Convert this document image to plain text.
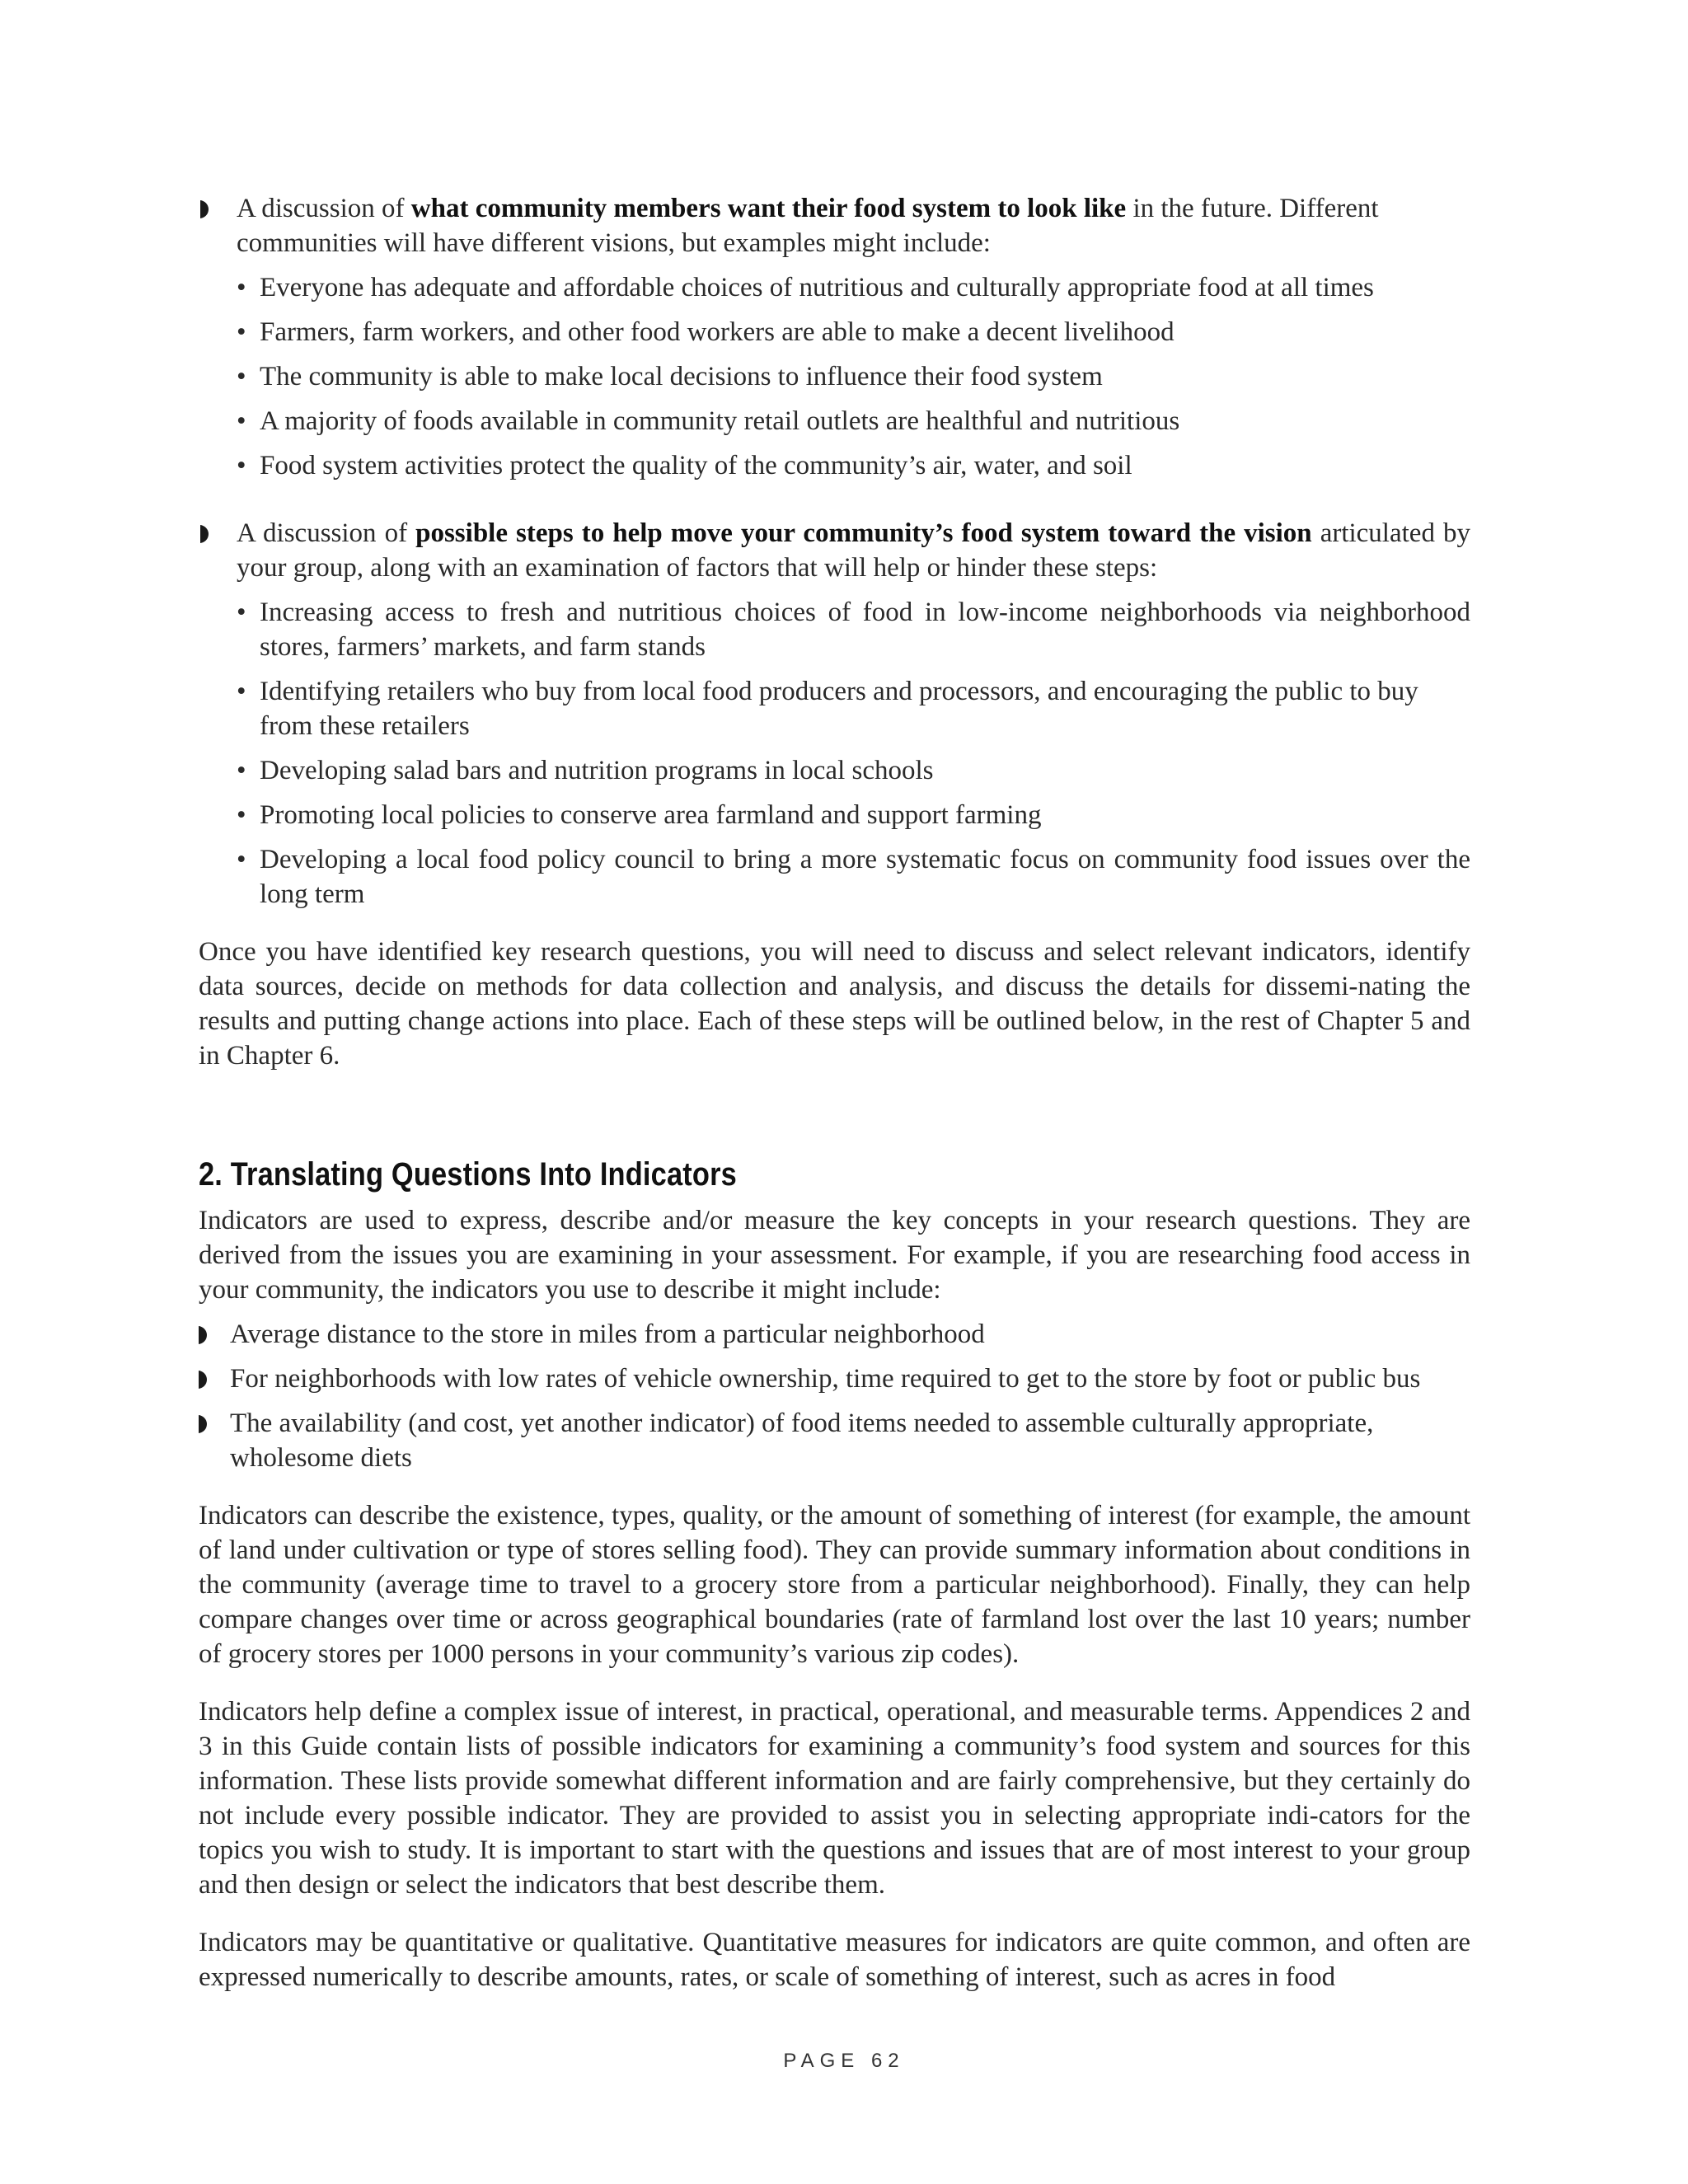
A discussion of what community members want their food system to look like in the future. Different communities will have different visions, but examples might include:

• Everyone has adequate and affordable choices of nutritious and culturally appropriate food at all times
• Farmers, farm workers, and other food workers are able to make a decent livelihood
• The community is able to make local decisions to influence their food system
• A majority of foods available in community retail outlets are healthful and nutritious
• Food system activities protect the quality of the community’s air, water, and soil

A discussion of possible steps to help move your community’s food system toward the vision articulated by your group, along with an examination of factors that will help or hinder these steps:

• Increasing access to fresh and nutritious choices of food in low-income neighborhoods via neighborhood stores, farmers’ markets, and farm stands
• Identifying retailers who buy from local food producers and processors, and encouraging the public to buy from these retailers
• Developing salad bars and nutrition programs in local schools
• Promoting local policies to conserve area farmland and support farming
• Developing a local food policy council to bring a more systematic focus on community food issues over the long term

Once you have identified key research questions, you will need to discuss and select relevant indicators, identify data sources, decide on methods for data collection and analysis, and discuss the details for dissemi-nating the results and putting change actions into place. Each of these steps will be outlined below, in the rest of Chapter 5 and in Chapter 6.

2. Translating Questions Into Indicators

Indicators are used to express, describe and/or measure the key concepts in your research questions. They are derived from the issues you are examining in your assessment. For example, if you are researching food access in your community, the indicators you use to describe it might include:

Average distance to the store in miles from a particular neighborhood
For neighborhoods with low rates of vehicle ownership, time required to get to the store by foot or public bus
The availability (and cost, yet another indicator) of food items needed to assemble culturally appropriate, wholesome diets

Indicators can describe the existence, types, quality, or the amount of something of interest (for example, the amount of land under cultivation or type of stores selling food). They can provide summary information about conditions in the community (average time to travel to a grocery store from a particular neighborhood). Finally, they can help compare changes over time or across geographical boundaries (rate of farmland lost over the last 10 years; number of grocery stores per 1000 persons in your community’s various zip codes).

Indicators help define a complex issue of interest, in practical, operational, and measurable terms. Appendices 2 and 3 in this Guide contain lists of possible indicators for examining a community’s food system and sources for this information. These lists provide somewhat different information and are fairly comprehensive, but they certainly do not include every possible indicator. They are provided to assist you in selecting appropriate indi-cators for the topics you wish to study. It is important to start with the questions and issues that are of most interest to your group and then design or select the indicators that best describe them.

Indicators may be quantitative or qualitative. Quantitative measures for indicators are quite common, and often are expressed numerically to describe amounts, rates, or scale of something of interest, such as acres in food

PAGE 62
